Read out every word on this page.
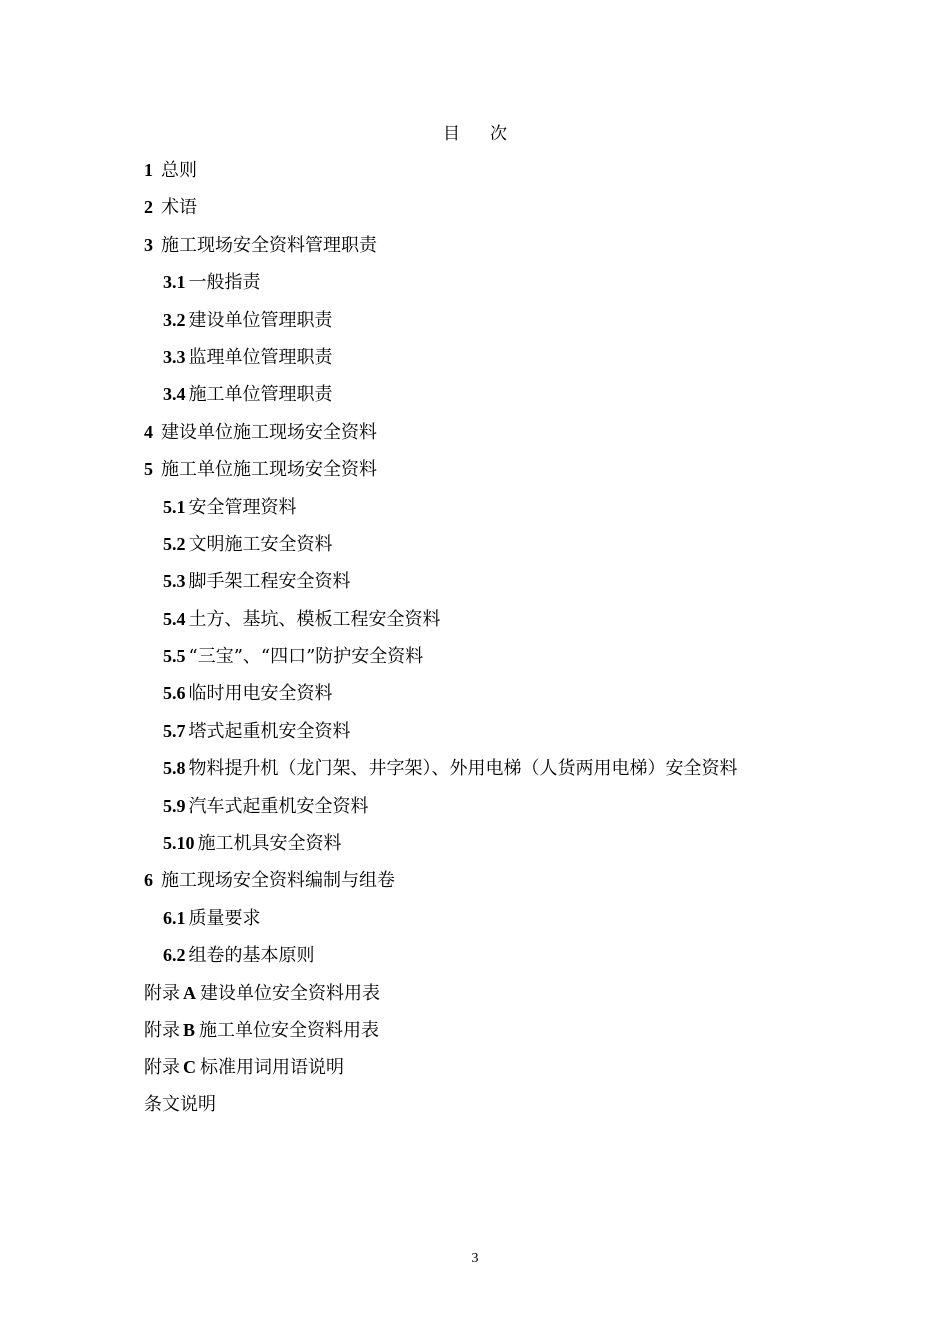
目 次
1 总则
2 术语
3 施工现场安全资料管理职责
3.1 一般指责
3.2 建设单位管理职责
3.3 监理单位管理职责
3.4 施工单位管理职责
4 建设单位施工现场安全资料
5 施工单位施工现场安全资料
5.1 安全管理资料
5.2 文明施工安全资料
5.3 脚手架工程安全资料
5.4 土方、基坑、模板工程安全资料
5.5 “三宝”、“四口”防护安全资料
5.6 临时用电安全资料
5.7 塔式起重机安全资料
5.8 物料提升机（龙门架、井字架）、外用电梯（人货两用电梯）安全资料
5.9 汽车式起重机安全资料
5.10 施工机具安全资料
6 施工现场安全资料编制与组卷
6.1 质量要求
6.2 组卷的基本原则
附录 A 建设单位安全资料用表
附录 B 施工单位安全资料用表
附录 C 标准用词用语说明
条文说明
3
